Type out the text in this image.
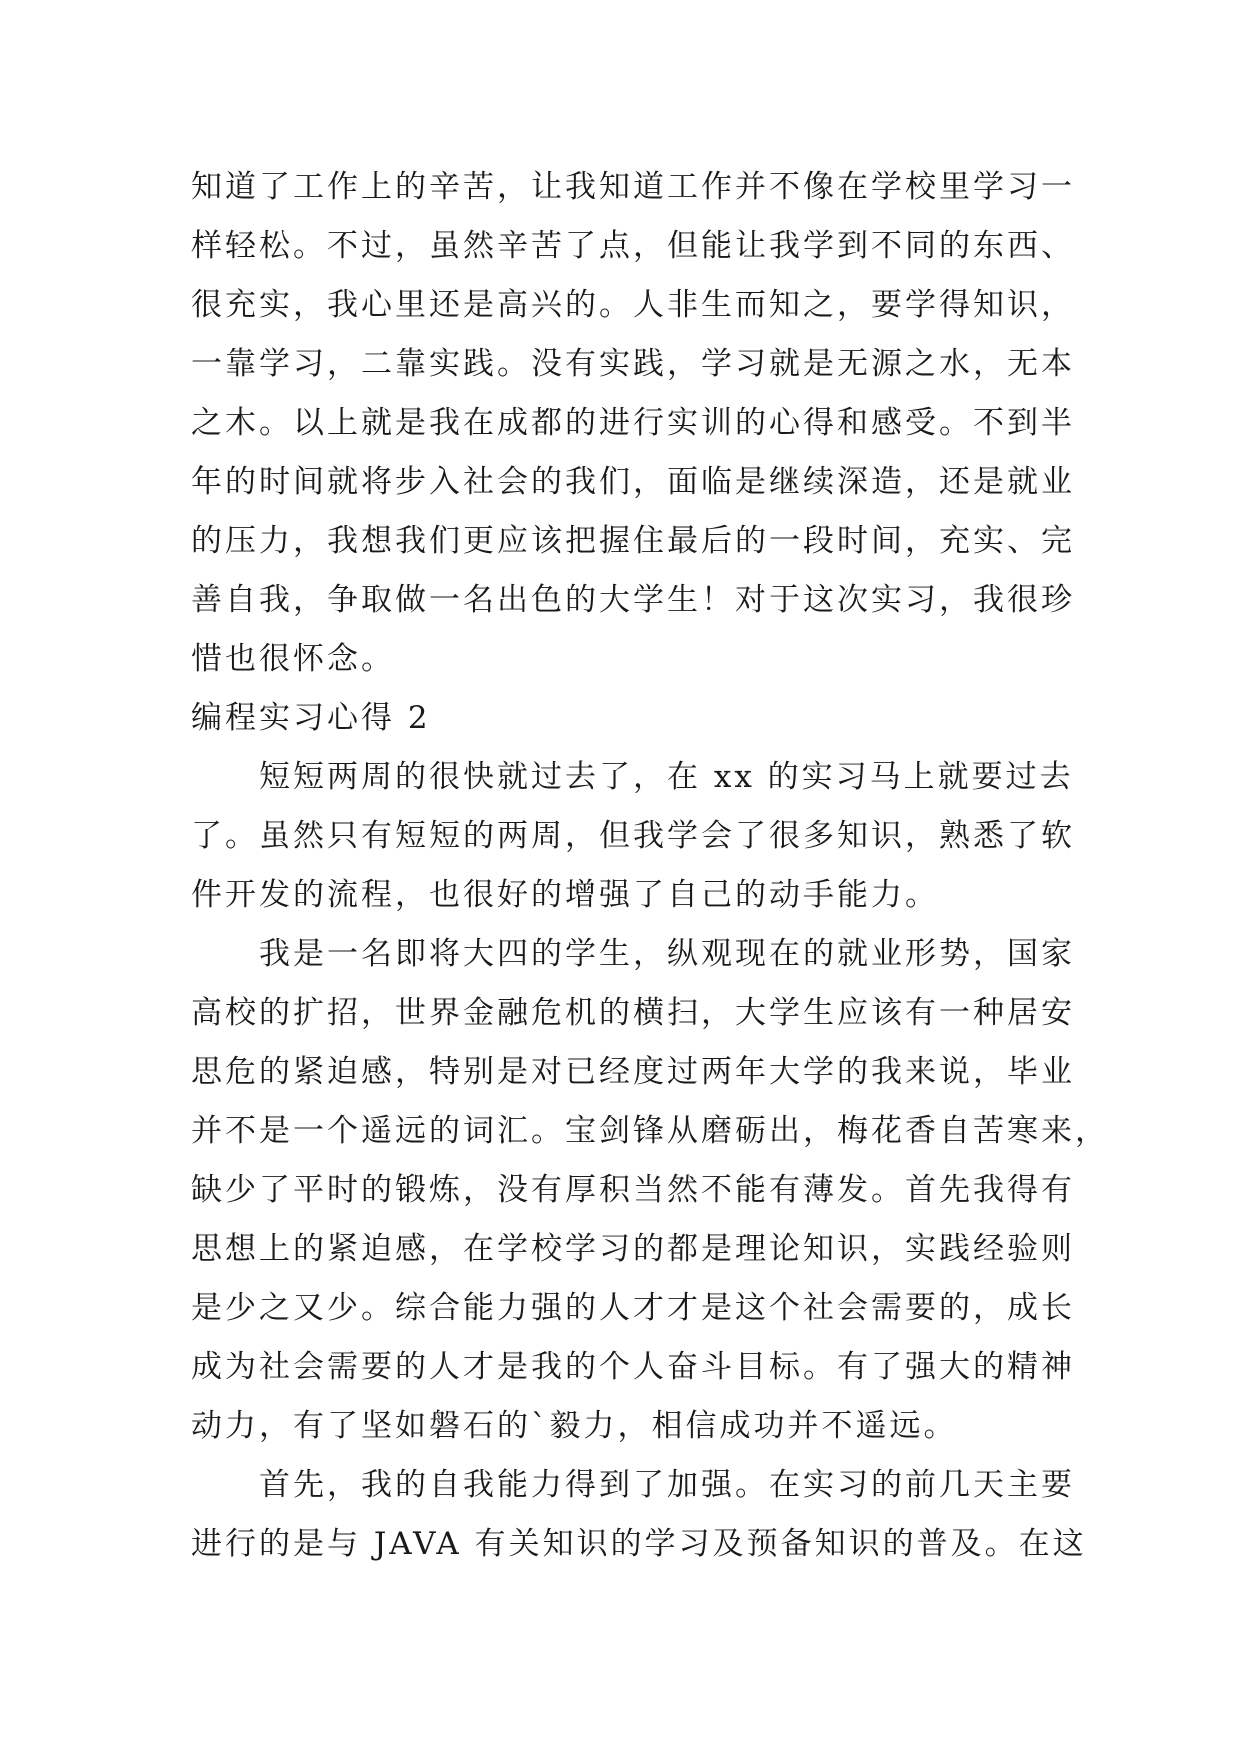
知道了工作上的辛苦，让我知道工作并不像在学校里学习一
样轻松。不过，虽然辛苦了点，但能让我学到不同的东西、
很充实，我心里还是高兴的。人非生而知之，要学得知识，
一靠学习，二靠实践。没有实践，学习就是无源之水，无本
之木。以上就是我在成都的进行实训的心得和感受。不到半
年的时间就将步入社会的我们，面临是继续深造，还是就业
的压力，我想我们更应该把握住最后的一段时间，充实、完
善自我，争取做一名出色的大学生！对于这次实习，我很珍
惜也很怀念。
编程实习心得 2
短短两周的很快就过去了，在 xx 的实习马上就要过去
了。虽然只有短短的两周，但我学会了很多知识，熟悉了软
件开发的流程，也很好的增强了自己的动手能力。
我是一名即将大四的学生，纵观现在的就业形势，国家
高校的扩招，世界金融危机的横扫，大学生应该有一种居安
思危的紧迫感，特别是对已经度过两年大学的我来说，毕业
并不是一个遥远的词汇。宝剑锋从磨砺出，梅花香自苦寒来，
缺少了平时的锻炼，没有厚积当然不能有薄发。首先我得有
思想上的紧迫感，在学校学习的都是理论知识，实践经验则
是少之又少。综合能力强的人才才是这个社会需要的，成长
成为社会需要的人才是我的个人奋斗目标。有了强大的精神
动力，有了坚如磐石的`毅力，相信成功并不遥远。
首先，我的自我能力得到了加强。在实习的前几天主要
进行的是与 JAVA 有关知识的学习及预备知识的普及。在这
